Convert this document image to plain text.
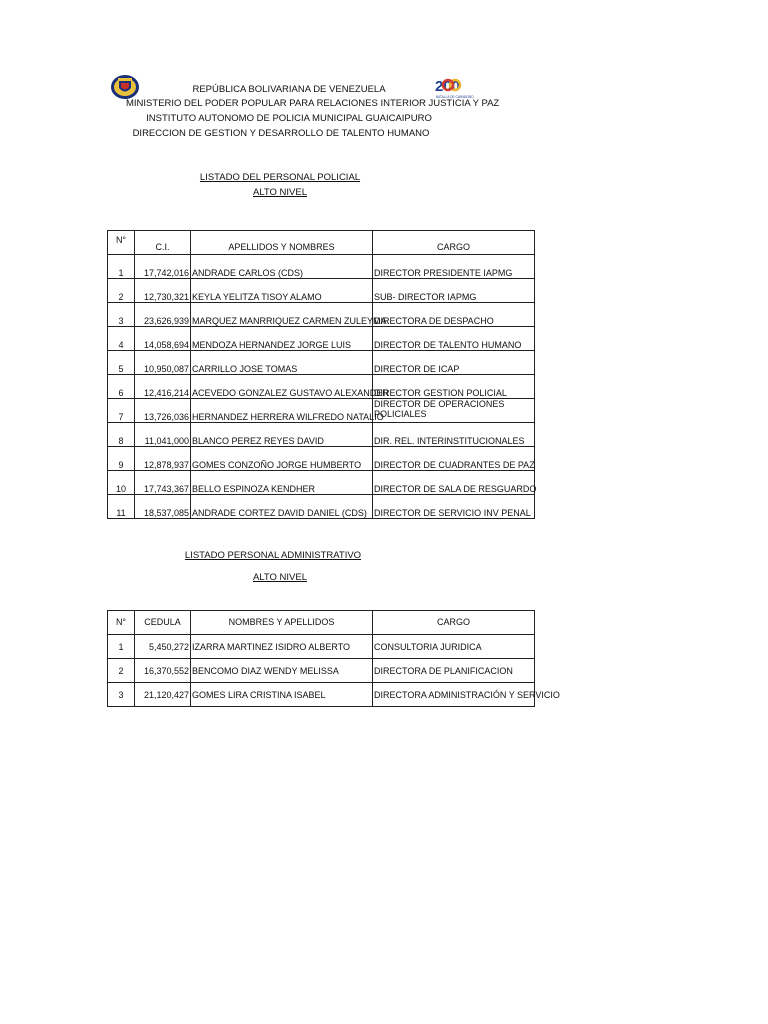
200
BATALLA DE CARABOBO
REPÚBLICA BOLIVARIANA DE VENEZUELA
MINISTERIO DEL PODER POPULAR PARA RELACIONES INTERIOR JUSTICIA Y PAZ
INSTITUTO AUTONOMO DE POLICIA MUNICIPAL GUAICAIPURO
DIRECCION DE GESTION Y DESARROLLO DE TALENTO HUMANO
LISTADO DEL PERSONAL POLICIAL
ALTO NIVEL
N°	C.I.	APELLIDOS Y NOMBRES	CARGO
1	17,742,016	ANDRADE CARLOS (CDS)	DIRECTOR PRESIDENTE IAPMG
2	12,730,321	KEYLA YELITZA TISOY ALAMO	SUB- DIRECTOR IAPMG
3	23,626,939	MARQUEZ MANRRIQUEZ CARMEN ZULEYMA	DIRECTORA DE DESPACHO
4	14,058,694	MENDOZA HERNANDEZ JORGE LUIS	DIRECTOR DE TALENTO HUMANO
5	10,950,087	CARRILLO JOSE TOMAS	DIRECTOR DE ICAP
6	12,416,214	ACEVEDO GONZALEZ GUSTAVO ALEXANDER	DIRECTOR GESTION POLICIAL
7	13,726,036	HERNANDEZ HERRERA WILFREDO NATALIO	DIRECTOR DE OPERACIONES POLICIALES

8	11,041,000	BLANCO PEREZ REYES DAVID	DIR. REL. INTERINSTITUCIONALES
9	12,878,937	GOMES CONZOÑO JORGE HUMBERTO	DIRECTOR DE CUADRANTES DE PAZ
10	17,743,367	BELLO ESPINOZA KENDHER	DIRECTOR DE SALA DE RESGUARDO
11	18,537,085	ANDRADE CORTEZ DAVID DANIEL (CDS)	DIRECTOR DE SERVICIO INV PENAL
LISTADO PERSONAL ADMINISTRATIVO
ALTO NIVEL
N°	CEDULA	NOMBRES Y APELLIDOS	CARGO
1	5,450,272	IZARRA MARTINEZ ISIDRO ALBERTO	CONSULTORIA JURIDICA
2	16,370,552	BENCOMO DIAZ WENDY MELISSA	DIRECTORA DE PLANIFICACION
3	21,120,427	GOMES LIRA CRISTINA ISABEL	DIRECTORA ADMINISTRACIÓN Y SERVICIO
